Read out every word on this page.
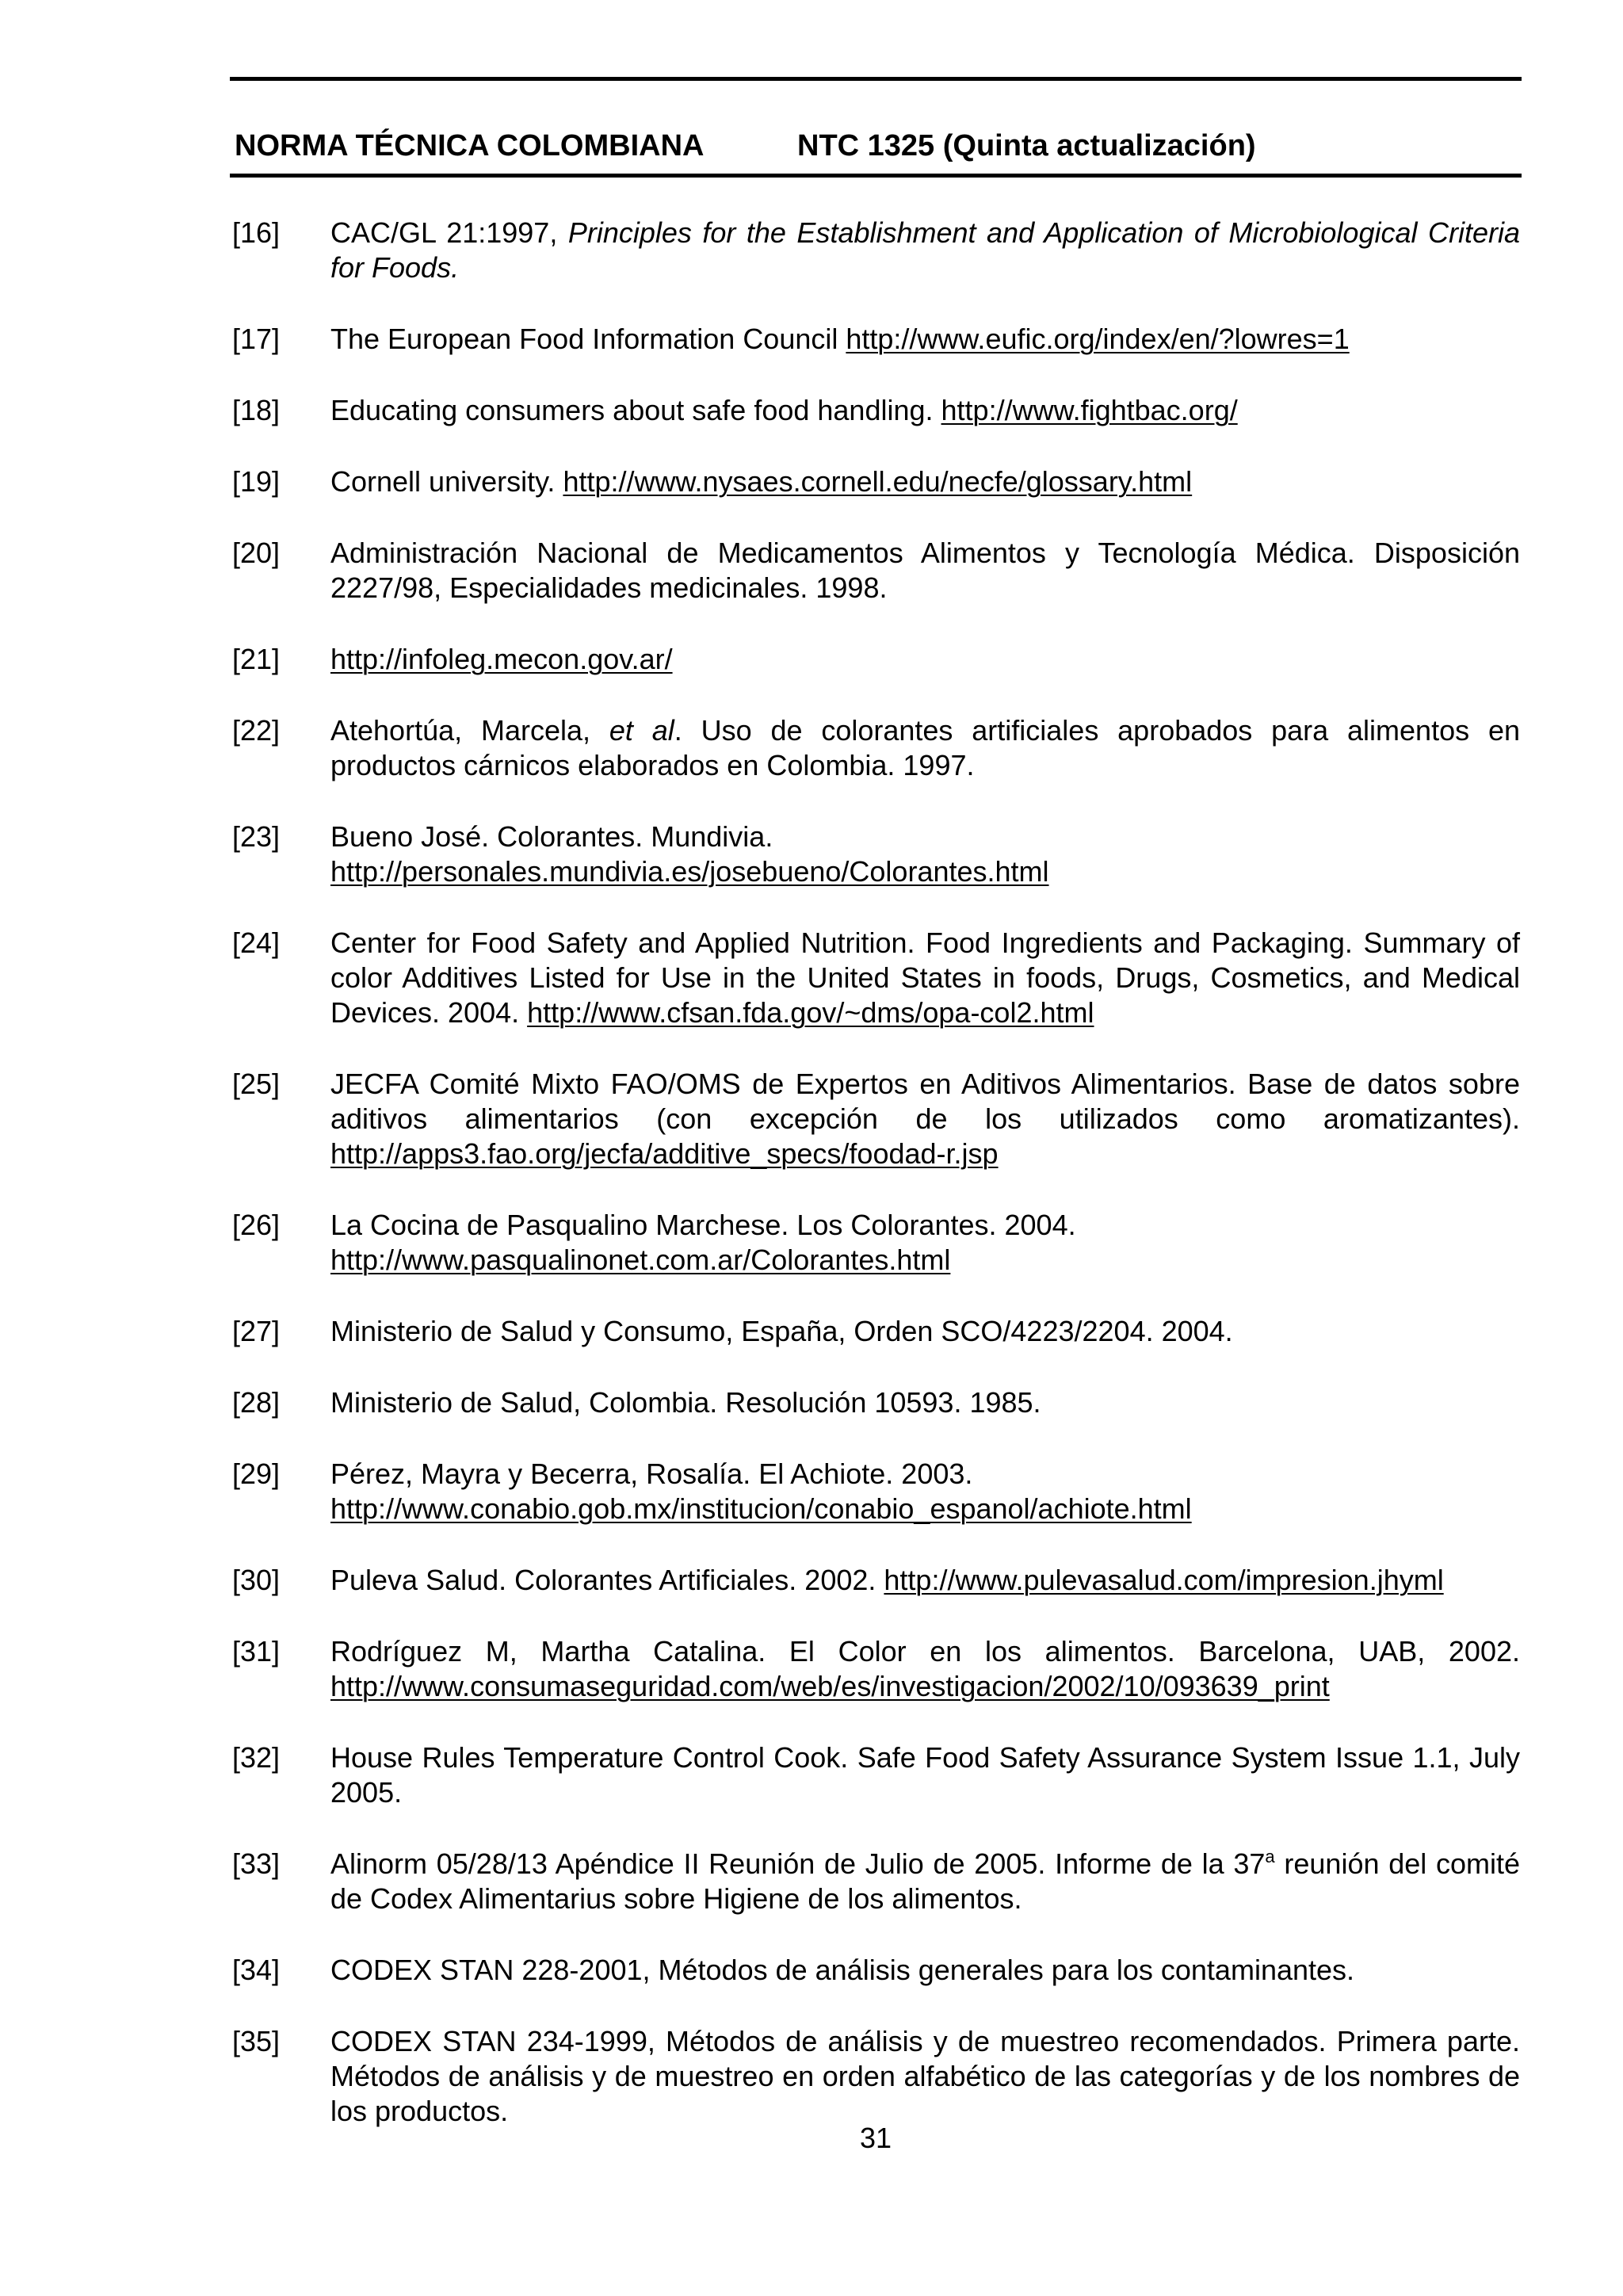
NORMA TÉCNICA COLOMBIANA	NTC 1325 (Quinta actualización)
[16] CAC/GL 21:1997, Principles for the Establishment and Application of Microbiological Criteria for Foods.
[17] The European Food Information Council http://www.eufic.org/index/en/?lowres=1
[18] Educating consumers about safe food handling. http://www.fightbac.org/
[19] Cornell university. http://www.nysaes.cornell.edu/necfe/glossary.html
[20] Administración Nacional de Medicamentos Alimentos y Tecnología Médica. Disposición 2227/98, Especialidades medicinales. 1998.
[21] http://infoleg.mecon.gov.ar/
[22] Atehortúa, Marcela, et al. Uso de colorantes artificiales aprobados para alimentos en productos cárnicos elaborados en Colombia. 1997.
[23] Bueno José. Colorantes. Mundivia.
http://personales.mundivia.es/josebueno/Colorantes.html
[24] Center for Food Safety and Applied Nutrition. Food Ingredients and Packaging. Summary of color Additives Listed for Use in the United States in foods, Drugs, Cosmetics, and Medical Devices. 2004. http://www.cfsan.fda.gov/~dms/opa-col2.html
[25] JECFA Comité Mixto FAO/OMS de Expertos en Aditivos Alimentarios. Base de datos sobre aditivos alimentarios (con excepción de los utilizados como aromatizantes). http://apps3.fao.org/jecfa/additive_specs/foodad-r.jsp
[26] La Cocina de Pasqualino Marchese. Los Colorantes. 2004.
http://www.pasqualinonet.com.ar/Colorantes.html
[27] Ministerio de Salud y Consumo, España, Orden SCO/4223/2204. 2004.
[28] Ministerio de Salud, Colombia. Resolución 10593. 1985.
[29] Pérez, Mayra y Becerra, Rosalía. El Achiote. 2003.
http://www.conabio.gob.mx/institucion/conabio_espanol/achiote.html
[30] Puleva Salud. Colorantes Artificiales. 2002. http://www.pulevasalud.com/impresion.jhyml
[31] Rodríguez M, Martha Catalina. El Color en los alimentos. Barcelona, UAB, 2002. http://www.consumaseguridad.com/web/es/investigacion/2002/10/093639_print
[32] House Rules Temperature Control Cook. Safe Food Safety Assurance System Issue 1.1, July 2005.
[33] Alinorm 05/28/13 Apéndice II Reunión de Julio de 2005. Informe de la 37$^a$ reunión del comité de Codex Alimentarius sobre Higiene de los alimentos.
[34] CODEX STAN 228-2001, Métodos de análisis generales para los contaminantes.
[35] CODEX STAN 234-1999, Métodos de análisis y de muestreo recomendados. Primera parte. Métodos de análisis y de muestreo en orden alfabético de las categorías y de los nombres de los productos.
31
